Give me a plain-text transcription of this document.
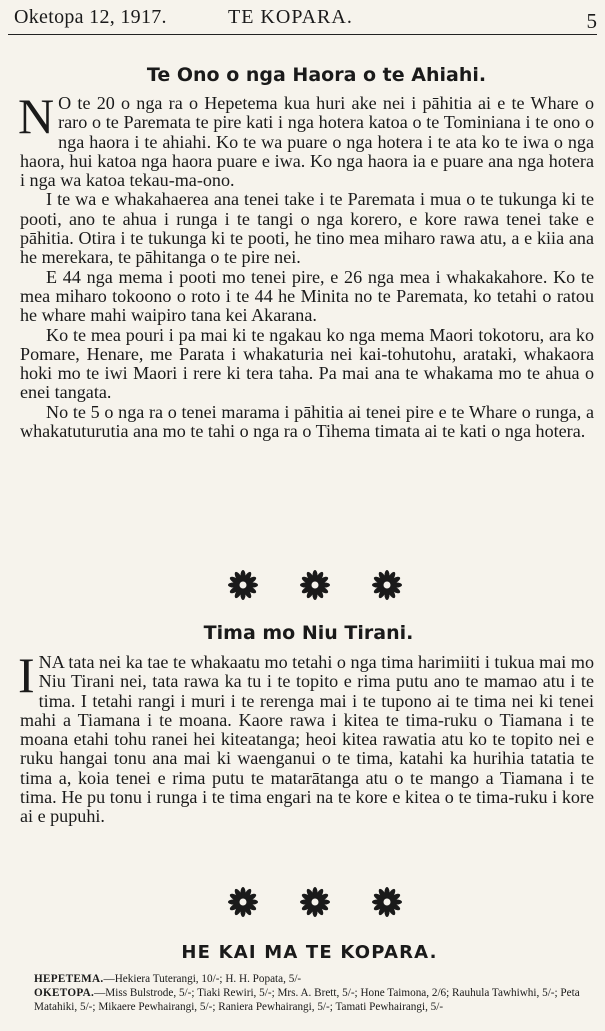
Oketopa 12, 1917.	TE KOPARA.	5
Te Ono o nga Haora o te Ahiahi.

N O te 20 o nga ra o Hepetema kua huri ake nei i pāhitia ai e te Whare o raro o te Paremata te pire kati i nga hotera katoa o te Tominiana i te ono o nga haora i te ahiahi. Ko te wa puare o nga hotera i te ata ko te iwa o nga haora, hui katoa nga haora puare e iwa. Ko nga haora ia e puare ana nga hotera i nga wa katoa tekau-ma-ono.

I te wa e whakahaerea ana tenei take i te Paremata i mua o te tukunga ki te pooti, ano te ahua i runga i te tangi o nga korero, e kore rawa tenei take e pāhitia. Otira i te tukunga ki te pooti, he tino mea miharo rawa atu, a e kiia ana he merekara, te pāhitanga o te pire nei.

E 44 nga mema i pooti mo tenei pire, e 26 nga mea i whakakahore. Ko te mea miharo tokoono o roto i te 44 he Minita no te Paremata, ko tetahi o ratou he whare mahi waipiro tana kei Akarana.

Ko te mea pouri i pa mai ki te ngakau ko nga mema Maori tokotoru, ara ko Pomare, Henare, me Parata i whakaturia nei kai-tohutohu, arataki, whakaora hoki mo te iwi Maori i rere ki tera taha. Pa mai ana te whakama mo te ahua o enei tangata.

No te 5 o nga ra o tenei marama i pāhitia ai tenei pire e te Whare o runga, a whakatuturutia ana mo te tahi o nga ra o Tihema timata ai te kati o nga hotera.

Tima mo Niu Tirani.

INA tata nei ka tae te whakaatu mo tetahi o nga tima harimiiti i tukua mai mo Niu Tirani nei, tata rawa ka tu i te topito e rima putu ano te mamao atu i te tima. I tetahi rangi i muri i te rerenga mai i te tupono ai te tima nei ki tenei mahi a Tiamana i te moana. Kaore rawa i kitea te tima-ruku o Tiamana i te moana etahi tohu ranei hei kiteatanga; heoi kitea rawatia atu ko te topito nei e ruku hangai tonu ana mai ki waenganui o te tima, katahi ka hurihia tatatia te tima a, koia tenei e rima putu te matarātanga atu o te mango a Tiamana i te tima. He pu tonu i runga i te tima engari na te kore e kitea o te tima-ruku i kore ai e pupuhi.

HE KAI MA TE KOPARA.
HEPETEMA.—Hekiera Tuterangi, 10/-; H. H. Popata, 5/-
OKETOPA.—Miss Bulstrode, 5/-; Tiaki Rewiri, 5/-; Mrs. A. Brett, 5/-; Hone Taimona, 2/6; Rauhula Tawhiwhi, 5/-; Peta Matahiki, 5/-; Mikaere Pewhairangi, 5/-; Raniera Pewhairangi, 5/-; Tamati Pewhairangi, 5/-
